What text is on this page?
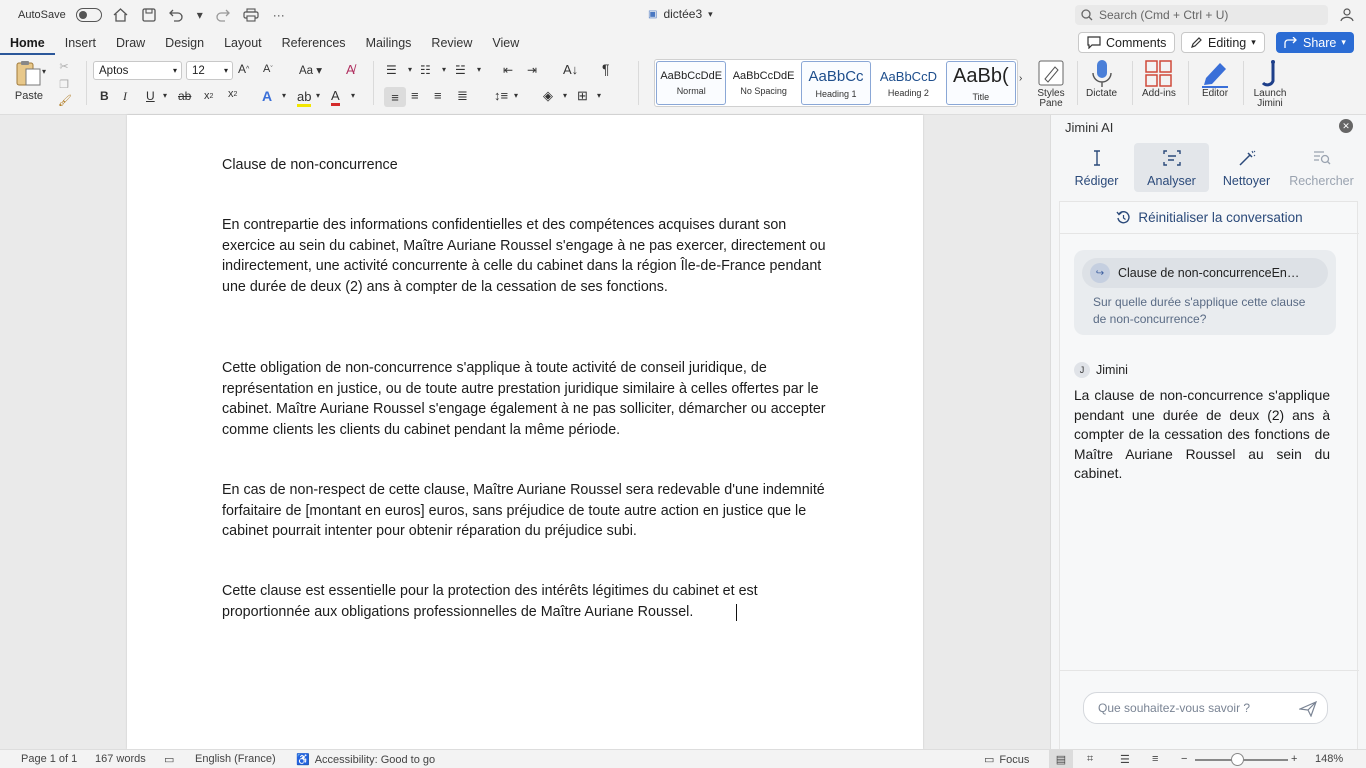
AutoSave	▾	···	▣ dictée3 ▾	Search (Cmd + Ctrl + U)
Home	Insert	Draw	Design	Layout	References	Mailings	Review	View	Comments	Editing ▾	Share ▾
Paste
▾ ✂
❐
🖌
Aptos	▾ 12 ▾ A ^ A ˇ Aa ▾ A̸
B I U ▾ ab x 2 x 2 A ▾ ab ▾ A ▾
☰ ▾ ☷ ▾ ☱ ▾ ⇤ ⇥ A↓ ¶
≡ ≡ ≡ ≣ ↕≡ ▾ ◈ ▾ ⊞ ▾
AaBbCcDdE
Normal
AaBbCcDdE
No Spacing
AaBbCc
Heading 1
AaBbCcD
Heading 2
AaBb(
Title
›
Styles Pane
Dictate Add-ins	Editor	Launch Jimini

Clause de non-concurrence

En contrepartie des informations confidentielles et des compétences acquises durant son exercice au sein du cabinet, Maître Auriane Roussel s'engage à ne pas exercer, directement ou indirectement, une activité concurrente à celle du cabinet dans la région Île-de-France pendant une durée de deux (2) ans à compter de la cessation de ses fonctions.

Cette obligation de non-concurrence s'applique à toute activité de conseil juridique, de représentation en justice, ou de toute autre prestation juridique similaire à celles offertes par le cabinet. Maître Auriane Roussel s'engage également à ne pas solliciter, démarcher ou accepter comme clients les clients du cabinet pendant la même période.

En cas de non-respect de cette clause, Maître Auriane Roussel sera redevable d'une indemnité forfaitaire de [montant en euros] euros, sans préjudice de toute autre action en justice que le cabinet pourrait intenter pour obtenir réparation du préjudice subi.

Cette clause est essentielle pour la protection des intérêts légitimes du cabinet et est proportionnée aux obligations professionnelles de Maître Auriane Roussel.

Jimini AI	✕
Rédiger Analyser Nettoyer Rechercher
Réinitialiser la conversation
↪	Clause de non-concurrenceEn…
Sur quelle durée s'applique cette clause de non-concurrence?
J Jimini
La clause de non-concurrence s'applique pendant une durée de deux (2) ans à compter de la cessation des fonctions de Maître Auriane Roussel au sein du cabinet.
Que souhaitez-vous savoir ?
Page 1 of 1 167 words ▭ English (France) ♿ Accessibility: Good to go	▭ Focus	▤	⌗ ☰ ≡ −	+ 148%
